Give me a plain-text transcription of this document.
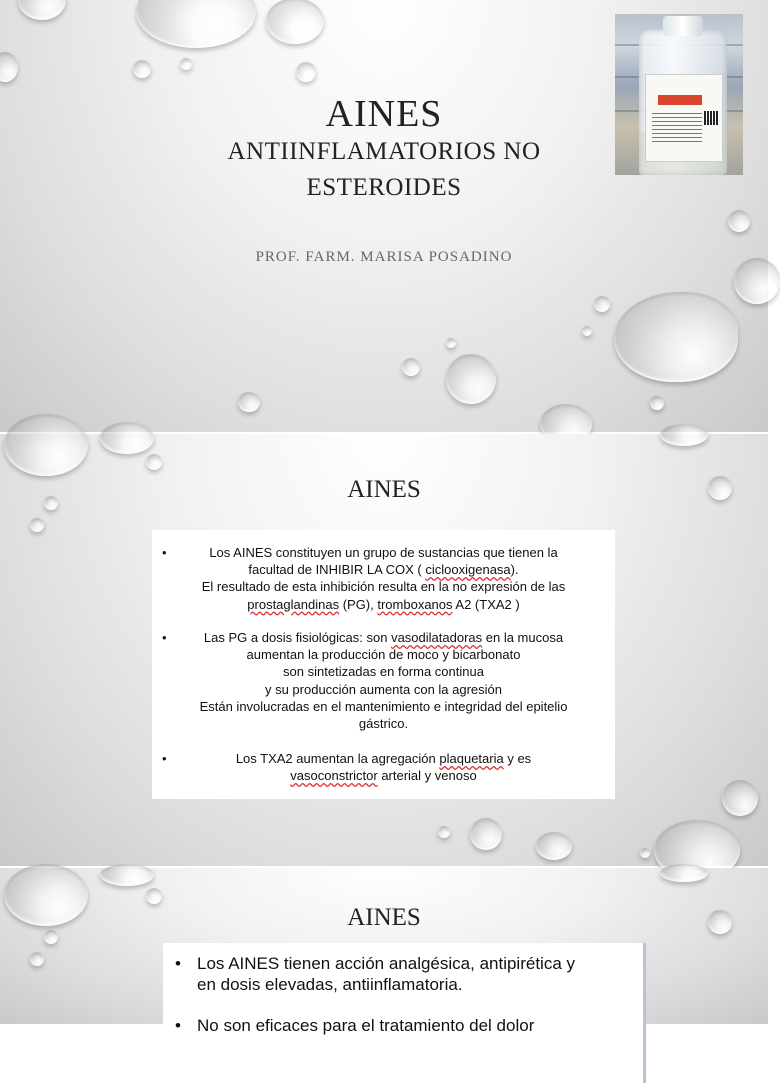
AINES
ANTIINFLAMATORIOS NO
ESTEROIDES
PROF. FARM. MARISA POSADINO
AINES
•	Los AINES constituyen un grupo de sustancias que tienen la
facultad de INHIBIR LA COX ( ciclooxigenasa).
El resultado de esta inhibición resulta en la no expresión de las
prostaglandinas (PG), tromboxanos A2 (TXA2 )
•	Las PG a dosis fisiológicas: son vasodilatadoras en la mucosa
aumentan la producción de moco y bicarbonato
son sintetizadas en forma continua
y su producción aumenta con la agresión
Están involucradas en el mantenimiento e integridad del epitelio
gástrico.
•	Los TXA2 aumentan la agregación plaquetaria y es
vasoconstrictor arterial y venoso
AINES
• Los AINES tienen acción analgésica, antipirética y
en dosis elevadas, antiinflamatoria.
• No son eficaces para el tratamiento del dolor
